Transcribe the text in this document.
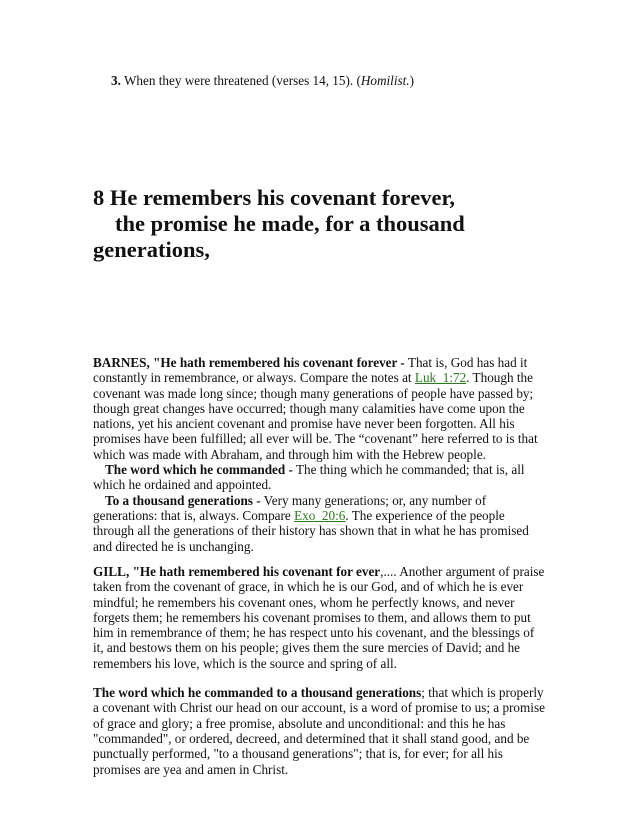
3. When they were threatened (verses 14, 15). (Homilist.)
8 He remembers his covenant forever,
the promise he made, for a thousand
generations,

BARNES, "He hath remembered his covenant forever - That is, God has had it constantly in remembrance, or always. Compare the notes at Luk_1:72. Though the covenant was made long since; though many generations of people have passed by; though great changes have occurred; though many calamities have come upon the nations, yet his ancient covenant and promise have never been forgotten. All his promises have been fulfilled; all ever will be. The “covenant” here referred to is that which was made with Abraham, and through him with the Hebrew people.

The word which he commanded - The thing which he commanded; that is, all which he ordained and appointed.

To a thousand generations - Very many generations; or, any number of generations: that is, always. Compare Exo_20:6. The experience of the people through all the generations of their history has shown that in what he has promised and directed he is unchanging.

GILL, "He hath remembered his covenant for ever,.... Another argument of praise taken from the covenant of grace, in which he is our God, and of which he is ever mindful; he remembers his covenant ones, whom he perfectly knows, and never forgets them; he remembers his covenant promises to them, and allows them to put him in remembrance of them; he has respect unto his covenant, and the blessings of it, and bestows them on his people; gives them the sure mercies of David; and he remembers his love, which is the source and spring of all.

The word which he commanded to a thousand generations; that which is properly a covenant with Christ our head on our account, is a word of promise to us; a promise of grace and glory; a free promise, absolute and unconditional: and this he has "commanded", or ordered, decreed, and determined that it shall stand good, and be punctually performed, "to a thousand generations"; that is, for ever; for all his promises are yea and amen in Christ.
